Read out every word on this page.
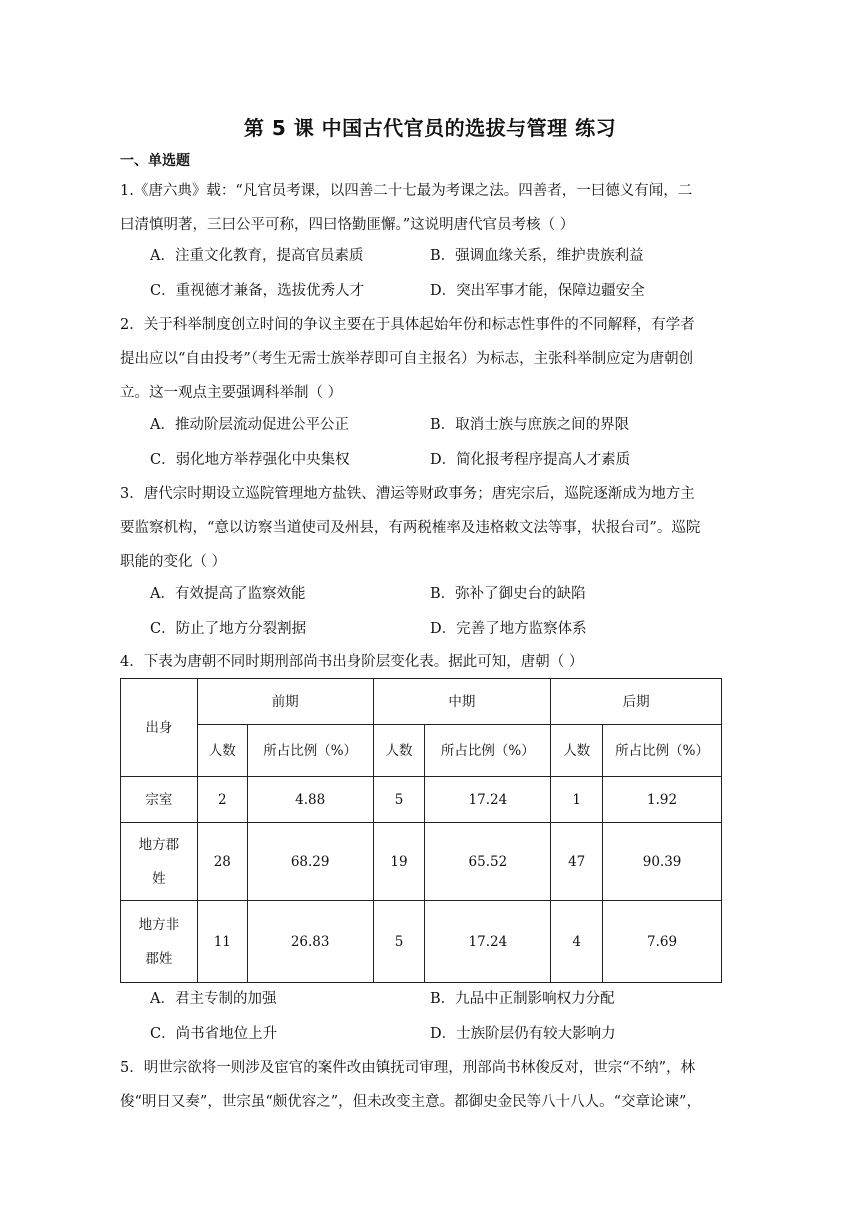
第 5 课 中国古代官员的选拔与管理 练习
一、单选题
1.《唐六典》载：“凡官员考课，以四善二十七最为考课之法。四善者，一曰德义有闻，二
曰清慎明著，三曰公平可称，四曰恪勤匪懈。”这说明唐代官员考核（ ）
A．注重文化教育，提高官员素质	B．强调血缘关系，维护贵族利益
C．重视德才兼备，选拔优秀人才	D．突出军事才能，保障边疆安全
2．关于科举制度创立时间的争议主要在于具体起始年份和标志性事件的不同解释，有学者
提出应以“自由投考”（考生无需士族举荐即可自主报名）为标志，主张科举制应定为唐朝创
立。这一观点主要强调科举制（ ）
A．推动阶层流动促进公平公正	B．取消士族与庶族之间的界限
C．弱化地方举荐强化中央集权	D．简化报考程序提高人才素质
3．唐代宗时期设立巡院管理地方盐铁、漕运等财政事务；唐宪宗后，巡院逐渐成为地方主
要监察机构，“意以访察当道使司及州县，有两税榷率及违格敕文法等事，状报台司”。巡院
职能的变化（ ）
A．有效提高了监察效能	B．弥补了御史台的缺陷
C．防止了地方分裂割据	D．完善了地方监察体系
4．下表为唐朝不同时期刑部尚书出身阶层变化表。据此可知，唐朝（ ）
出身	前期		中期		后期	
	人数	所占比例（%）	人数	所占比例（%）	人数	所占比例（%）
宗室	2	4.88	5	17.24	1	1.92

地方郡
姓	28	68.29	19	65.52	47	90.39

地方非
郡姓	11	26.83	5	17.24	4	7.69
A．君主专制的加强	B．九品中正制影响权力分配
C．尚书省地位上升	D．士族阶层仍有较大影响力
5．明世宗欲将一则涉及宦官的案件改由镇抚司审理，刑部尚书林俊反对，世宗“不纳”，林
俊“明日又奏”，世宗虽“颇优容之”，但未改变主意。都御史金民等八十八人。“交章论谏”，
